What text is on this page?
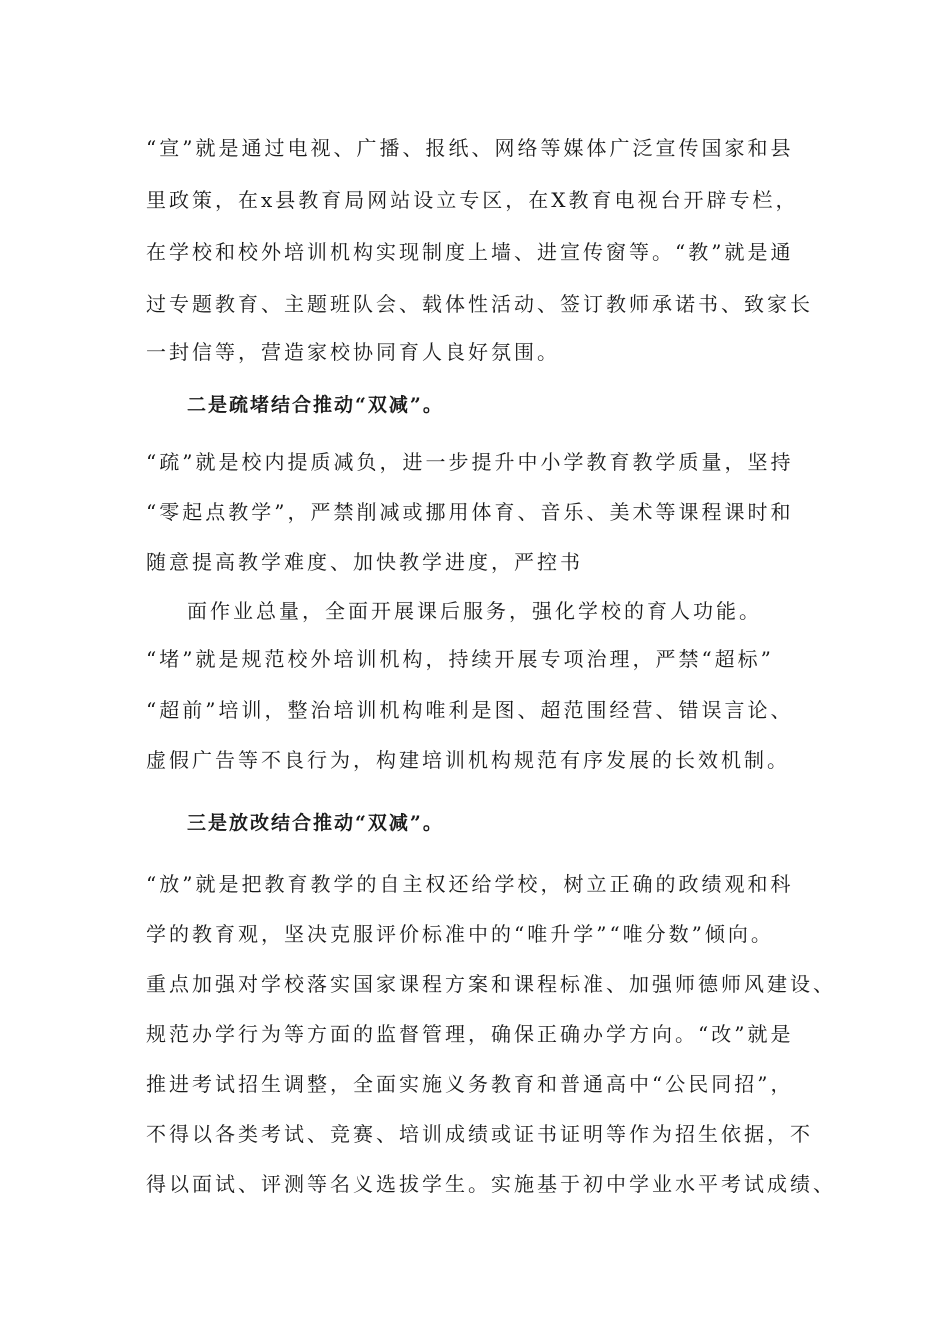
“宣”就是通过电视、广播、报纸、网络等媒体广泛宣传国家和县
里政策，在x县教育局网站设立专区，在X教育电视台开辟专栏，
在学校和校外培训机构实现制度上墙、进宣传窗等。“教”就是通
过专题教育、主题班队会、载体性活动、签订教师承诺书、致家长
一封信等，营造家校协同育人良好氛围。
二是疏堵结合推动“双减”。
“疏”就是校内提质减负，进一步提升中小学教育教学质量，坚持
“零起点教学”，严禁削减或挪用体育、音乐、美术等课程课时和
随意提高教学难度、加快教学进度，严控书
面作业总量，全面开展课后服务，强化学校的育人功能。
“堵”就是规范校外培训机构，持续开展专项治理，严禁“超标”
“超前”培训，整治培训机构唯利是图、超范围经营、错误言论、
虚假广告等不良行为，构建培训机构规范有序发展的长效机制。
三是放改结合推动“双减”。
“放”就是把教育教学的自主权还给学校，树立正确的政绩观和科
学的教育观，坚决克服评价标准中的“唯升学”“唯分数”倾向。
重点加强对学校落实国家课程方案和课程标准、加强师德师风建设、
规范办学行为等方面的监督管理，确保正确办学方向。“改”就是
推进考试招生调整，全面实施义务教育和普通高中“公民同招”，
不得以各类考试、竞赛、培训成绩或证书证明等作为招生依据，不
得以面试、评测等名义选拔学生。实施基于初中学业水平考试成绩、
